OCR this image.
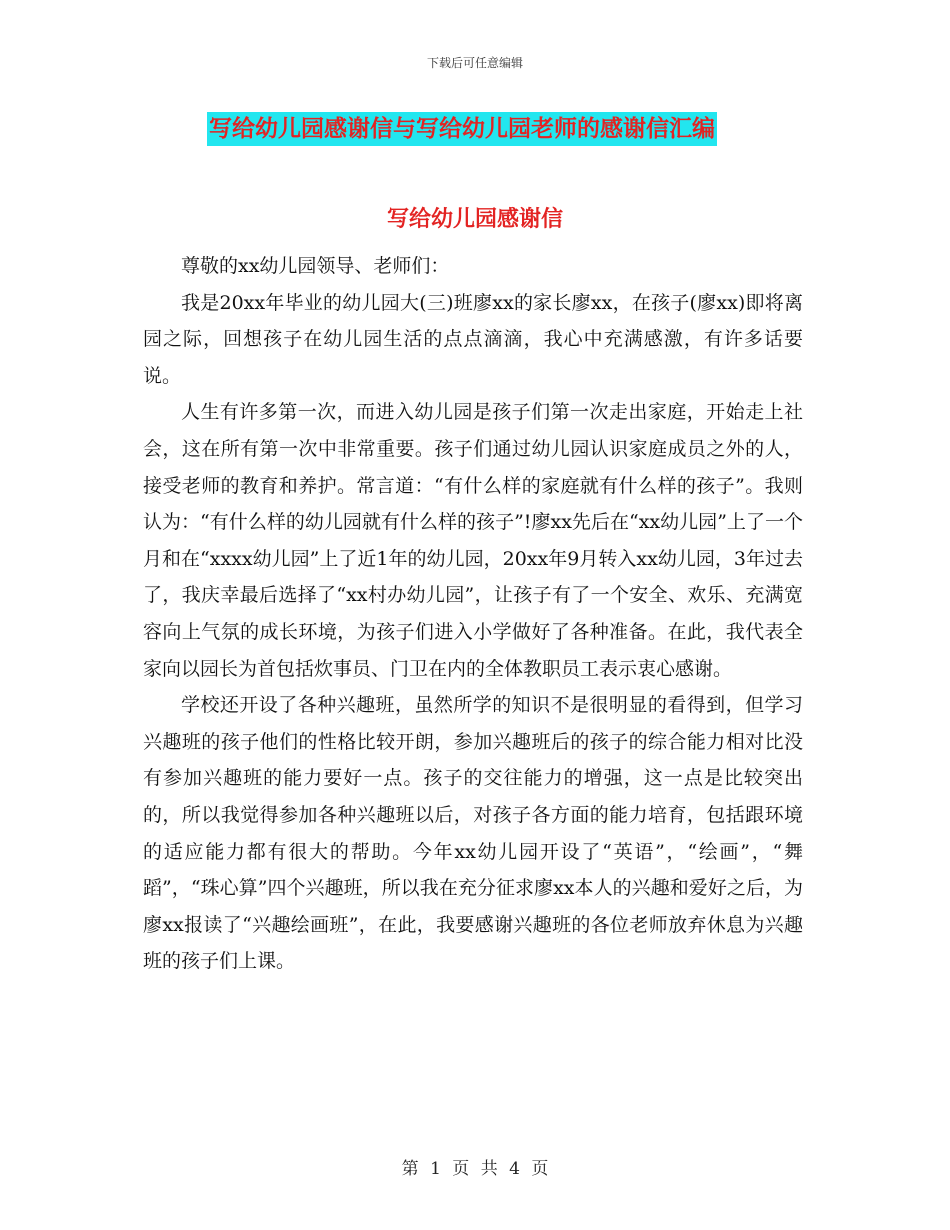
下载后可任意编辑
写给幼儿园感谢信与写给幼儿园老师的感谢信汇编
写给幼儿园感谢信

尊敬的xx幼儿园领导、老师们：

我是20xx年毕业的幼儿园大(三)班廖xx的家长廖xx，在孩子(廖xx)即将离园之际，回想孩子在幼儿园生活的点点滴滴，我心中充满感激，有许多话要说。

人生有许多第一次，而进入幼儿园是孩子们第一次走出家庭，开始走上社会，这在所有第一次中非常重要。孩子们通过幼儿园认识家庭成员之外的人，接受老师的教育和养护。常言道：“有什么样的家庭就有什么样的孩子”。我则认为：“有什么样的幼儿园就有什么样的孩子”!廖xx先后在“xx幼儿园”上了一个月和在“xxxx幼儿园”上了近1年的幼儿园，20xx年9月转入xx幼儿园，3年过去了，我庆幸最后选择了“xx村办幼儿园”，让孩子有了一个安全、欢乐、充满宽容向上气氛的成长环境，为孩子们进入小学做好了各种准备。在此，我代表全家向以园长为首包括炊事员、门卫在内的全体教职员工表示衷心感谢。

学校还开设了各种兴趣班，虽然所学的知识不是很明显的看得到，但学习兴趣班的孩子他们的性格比较开朗，参加兴趣班后的孩子的综合能力相对比没有参加兴趣班的能力要好一点。孩子的交往能力的增强，这一点是比较突出的，所以我觉得参加各种兴趣班以后，对孩子各方面的能力培育，包括跟环境的适应能力都有很大的帮助。今年xx幼儿园开设了“英语”，“绘画”，“舞蹈”，“珠心算”四个兴趣班，所以我在充分征求廖xx本人的兴趣和爱好之后，为廖xx报读了“兴趣绘画班”，在此，我要感谢兴趣班的各位老师放弃休息为兴趣班的孩子们上课。

第 1 页 共 4 页
